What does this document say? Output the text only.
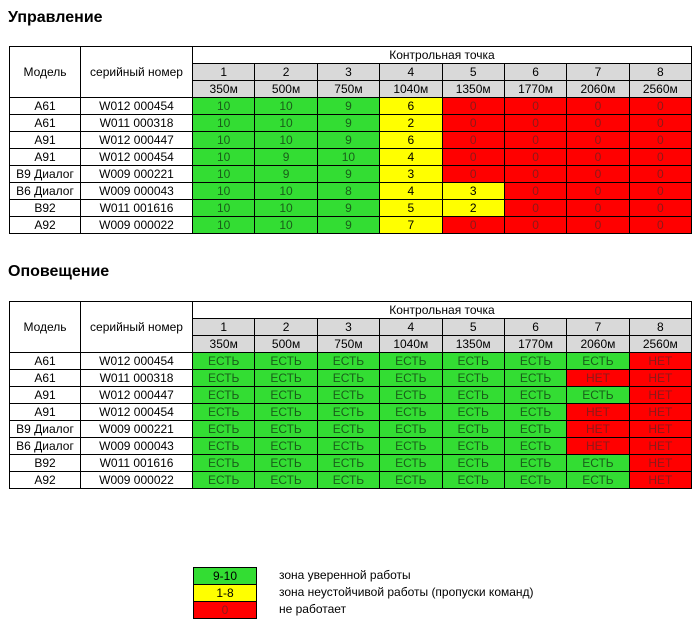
Управление
Модель	серийный номер	Контрольная точка							
		1	2	3	4	5	6	7	8
		350м	500м	750м	1040м	1350м	1770м	2060м	2560м
A61	W012 000454	10	10	9	6	0	0	0	0
A61	W011 000318	10	10	9	2	0	0	0	0
A91	W012 000447	10	10	9	6	0	0	0	0
A91	W012 000454	10	9	10	4	0	0	0	0
B9 Диалог	W009 000221	10	9	9	3	0	0	0	0
B6 Диалог	W009 000043	10	10	8	4	3	0	0	0
B92	W011 001616	10	10	9	5	2	0	0	0
A92	W009 000022	10	10	9	7	0	0	0	0
Оповещение
Модель	серийный номер	Контрольная точка							
		1	2	3	4	5	6	7	8
		350м	500м	750м	1040м	1350м	1770м	2060м	2560м
A61	W012 000454	ЕСТЬ	ЕСТЬ	ЕСТЬ	ЕСТЬ	ЕСТЬ	ЕСТЬ	ЕСТЬ	НЕТ
A61	W011 000318	ЕСТЬ	ЕСТЬ	ЕСТЬ	ЕСТЬ	ЕСТЬ	ЕСТЬ	НЕТ	НЕТ
A91	W012 000447	ЕСТЬ	ЕСТЬ	ЕСТЬ	ЕСТЬ	ЕСТЬ	ЕСТЬ	ЕСТЬ	НЕТ
A91	W012 000454	ЕСТЬ	ЕСТЬ	ЕСТЬ	ЕСТЬ	ЕСТЬ	ЕСТЬ	НЕТ	НЕТ
B9 Диалог	W009 000221	ЕСТЬ	ЕСТЬ	ЕСТЬ	ЕСТЬ	ЕСТЬ	ЕСТЬ	НЕТ	НЕТ
B6 Диалог	W009 000043	ЕСТЬ	ЕСТЬ	ЕСТЬ	ЕСТЬ	ЕСТЬ	ЕСТЬ	НЕТ	НЕТ
B92	W011 001616	ЕСТЬ	ЕСТЬ	ЕСТЬ	ЕСТЬ	ЕСТЬ	ЕСТЬ	ЕСТЬ	НЕТ
A92	W009 000022	ЕСТЬ	ЕСТЬ	ЕСТЬ	ЕСТЬ	ЕСТЬ	ЕСТЬ	ЕСТЬ	НЕТ
9-10	зона уверенной работы
1-8	зона неустойчивой работы (пропуски команд)
0	не работает
